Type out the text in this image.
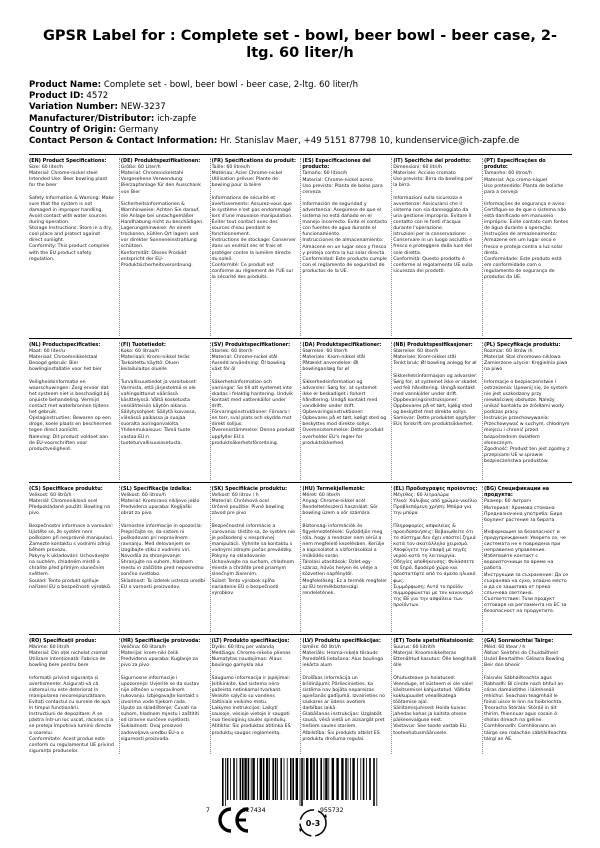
GPSR Label for : Complete set - bowl, beer bowl - beer case, 2-ltg. 60 liter/h
Product Name: Complete set - bowl, beer bowl - beer case, 2-ltg. 60 liter/h
Product ID: 4572
Variation Number: NEW-3237
Manufacturer/Distributor: ich-zapfe
Country of Origin: Germany
Contact Person & Contact Information: Hr. Stanislav Maer, +49 5151 87798 10, kundenservice@ich-zapfe.de
(EN) Product Specifications:
Size: 60 liter/h
Material: Chrome-nickel steel
Intended Use: Beer bowling plant for the beer

Safety Information & Warning: Make sure that the system is not damaged in improper handling. Avoid contact with water sources during operation.
Storage Instructions: Store in a dry, cool place and protect against direct sunlight.
Conformity: This product complies with the EU product safety regulation.
(DE) Produktspezifikationen:
Größe: 60 Liter/h
Material: Chromnickelstahl
Vorgesehene Verwendung: Bierzapfanlage für den Ausschank von Bier

Sicherheitsinformationen & Warnhinweise: Achten Sie darauf, die Anlage bei unsachgemäßer Handhabung nicht zu beschädigen.
Lagerungshinweise: An einem trockenen, kühlen Ort lagern und vor direkter Sonneneinstrahlung schützen.
Konformität: Dieses Produkt entspricht der EU-Produktsicherheitsverordnung.
(FR) Spécifications du produit:
Taille: 60 litres/h
Matériau: Acier Chrome-nickel
Utilisation prévue: Plante de bowling pour la bière

Informations de sécurité et avertissements: Assurez-vous que le système n'est pas endommagé lors d'une mauvaise manipulation. Éviter tout contact avec des sources d'eau pendant le fonctionnement.
Instructions de stockage: Conserver dans un endroit sec et frais et protéger contre la lumière directe du soleil.
Conformité: Ce produit est conforme au règlement de l'UE sur la sécurité des produits.
(ES) Especificaciones del producto:
Tamaño: 60 litros/h
Material: Chrome-nickel acero
Uso previsto: Planta de bolos para cerveza

Información de seguridad y advertencia: Asegúrese de que el sistema no está dañado en el manejo incorrecto. Evite el contacto con fuentes de agua durante el funcionamiento.
Instrucciones de almacenamiento: Almacene en un lugar seco y fresco y proteja contra la luz solar directa.
Conformidad: Este producto cumple con el reglamento de seguridad de productos de la UE.
(IT) Specifiche del prodotto:
Dimensioni: 60 litri/h
Materiale: Acciaio cromato
Uso previsto: Birra da bowling per la birra

Informazioni sulla sicurezza e avvertenze: Assicurarsi che il sistema non sia danneggiato da una gestione impropria. Evitare il contatto con le fonti d'acqua durante l'operazione.
Istruzioni per la conservazione: Conservare in un luogo asciutto e fresco e proteggere dalla luce del sole diretta.
Conformità: Questo prodotto è conforme al regolamento UE sulla sicurezza dei prodotti.
(PT) Especificações do produto:
Tamanho: 60 litros/h
Material: Aço cromo-níquel
Uso pretendido: Planta de boliche para a cerveja

Informações de segurança e aviso: Certifique-se de que o sistema não está danificado em manuseio impróprio. Evite contato com fontes de água durante a operação.
Instruções de armazenamento: Armazene em um lugar seco e fresco e proteja contra a luz solar direta.
Conformidade: Este produto está em conformidade com o regulamento de segurança de produtos da UE.
(NL) Productspecificaties:
Maat: 60 liter/u
Materiaal: Chroomnikkelstaal
Beoogd gebruik: Bier bowlinginstallatie voor het bier

Veiligheidsinformatie en waarschuwingen: Zorg ervoor dat het systeem niet is beschadigd bij onjuiste behandeling. Vermijd contact met waterbronnen tijdens het gebruik.
Opslaginstructies: Bewaren op een droge, koele plaats en beschermen tegen direct zonlicht.
Naleving: Dit product voldoet aan de EU-voorschriften voor productveiligheid.
(FI) Tuotetiedot:
Koko: 60 litraa/h
Materiaali: Kromi-nikkel teräs
Tarkoitettu käyttö: Oluen keilailulaitos oluelle

Turvallisuustiedot ja varoitukset: Varmista, että järjestelmä ei ole vahingoittunut väärässä käsittelyssä. Vältä kosketusta vesilähteisiin käytön aikana.
Säilytysohjeet: Säilytä kuivassa, viileässä paikassa ja suojaa suoralta auringonvalolta.
Yhdenmukaisuus: Tämä tuote vastaa EU:n tuoteturvallisuusasetusta.
(SV) Produktspecifikationer:
Storlek: 60 liter/h
Material: Chrome-nickel stål
Avsedd användning: Öl bowling växt för öl

Säkerhetsinformation och varningar: Se till att systemet inte skadas i felaktig hantering. Undvik kontakt med vattenkällor under drift.
Förvaringsinstruktioner: Förvara i en torr, sval plats och skydda mot direkt solljus.
Överensstämmelse: Denna produkt uppfyller EU:s produktsäkerhetsförordning.
(DA) Produktspecifikationer:
Størrelse: 60 liter/h
Materiale: Krom-nikkel stål
Påtænkt anvendelse: Øl bowlinganlæg for øl

Sikkerhedsinformation og advarsler: Sørg for, at systemet ikke er beskadiget i forkert håndtering. Undgå kontakt med vandkilder under drift.
Opbevaringsinstruktioner: Opbevares på et tørt, køligt sted og beskyttes mod direkte sollys.
Overensstemmelse: Dette produkt overholder EU's regler for produktsikkerhed.
(NB) Produktspesifikasjoner:
Størrelse: 60 liter/h
Materiale: Krom-nikkel stål
Tenkt bruk: Øl bowling anlegg for øl

Sikkerhetsinformasjon og advarsler: Sørg for, at systemet ikke er skadet ved feil håndtering. Unngå kontakt med vannkilder under drift.
Oppbevaringsinstruksjoner: Oppbevares på et tørt, kjølig sted og beskyttet mot direkte sollys.
Samsvar: Dette produktet oppfyller EUs forskrift om produktsikkerhet.
(PL) Specyfikacje produktu:
Rozmiar: 60 litrów /h
Materiał: Stal chromowo-niklowa
Zamierzone użycie: Kręgielnia piwa na piwo

Informacje o bezpieczeństwie i ostrzeżenia: Upewnij się, że system nie jest uszkodzony przy niewłaściwej obsłudze. Należy unikać kontaktu ze źródłami wody podczas pracy.
Instrukcje przechowywania: Przechowywać w suchym, chłodnym miejscu i chronić przed bezpośrednim światłem słonecznym.
Zgodność: Produkt ten jest zgodny z przepisami UE w sprawie bezpieczeństwa produktów.
(CS) Specifikace produktu:
Velikost: 60 litrů/h
Materiál: Chromeniklová ocel
Předpokládané použití: Bowling na pivo

Bezpečnostní informace a varování: Ujistěte se, že systém není poškozen při nesprávné manipulaci. Zamezte kontaktu s vodními zdroji během provozu.
Pokyny k ukladování: Uchovávejte na suchém, chladném místě a chraňte před přímým slunečním světlem.
Soulad: Tento produkt splňuje nařízení EU o bezpečnosti výrobků.
(SL) Specifikacije izdelka:
Velikost: 60 litrov/h
Material: Kromirano nikljevo jeklo
Predvidena uporaba: Kegljaški obrat za pivo

Varnostne informacije in opozorila: Prepričajte se, da sistem ni poškodovan pri nepravilnem ravnanju. Med delovanjem se izogibajte stiku z vodnimi viri.
Navodila za shranjevanje: Shranjujte na suhem, hladnem mestu in zaščitite pred neposredno sončno svetlobo.
Skladnost: Ta izdelek ustreza uredbi EU o varnosti proizvodov.
(SK) Špecifikácie produktu:
Veľkosť: 60 litrov / h
Materiál: Chrómová ocel
Určené použitie: Pivné bowling závod pre pivo

Bezpečnostné informácie a varovania: Uistite sa, že systém nie je poškodený v nesprávnej manipulácii. Vyhnite sa kontaktu s vodnými zdrojmi počas prevádzky.
Pokyny na skladovanie: Uchovávajte na suchom, chladnom mieste a chráňte pred priamym slnečným žiarením.
Súlad: Tento výrobok spĺňa nariadenie EÚ o bezpečnosti výrobkov.
(HU) Termékjellemzők:
Méret: 60 liter/h
Anyag: Chrome-nikkel acél
Rendeltetésszerű használat: Sör bowling üzem a sör számára

Biztonsági információk és figyelmeztetések: Győződjön meg róla, hogy a rendszer nem sérül a nem megfelelő kezelésben. Kerülje a kapcsolatot a vízforrásokkal a működés során.
Tárolási utasítások: Üzlet egy száraz, hűvös helyen és védje a közvetlen napfénytől.
Megfelelőség: Ez a termék megfelel az EU termékbiztonsági rendeletének.
(EL) Προδιαγραφές προϊόντος:
Μέγεθος: 60 λίτρα/ώρα
Υλικό: Χάλυβας από χρώμιο-νικέλιο
Προβλεπόμενη χρήση: Μπύρα για την μπύρα

Πληροφορίες ασφαλείας & προειδοποιήσεις: Βεβαιωθείτε ότι το σύστημα δεν έχει υποστεί ζημιά κατά τον ακατάλληλο χειρισμό. Αποφύγετε την επαφή με πηγές νερού κατά τη λειτουργία.
Οδηγίες αποθήκευσης: Φυλάσσετε σε ξηρό, δροσερό χώρο και προστατέψτε από το άμεσο ηλιακό φως.
Συμμόρφωση: Αυτό το προϊόν συμμορφώνεται με τον κανονισμό της ΕΕ για την ασφάλεια των προϊόντων.
(BG) Спецификации на продукта:
Размер: 60 литра/ч
Материал: Хромова стомана
Предназначена употреба: Бира боулинг растение за бирата

Информация за безопасност и предупреждения: Уверете се, че системата не е повредена при неправилно управление. Избягвайте контакт с водоизточници по време на работа.
Инструкции за съхранение: Да се съхранява на сухо, хладно място и да се защитава от пряка слънчева светлина.
Съответствие: Този продукт отговаря на регламента на ЕС за безопасност на продуктите.
(RO) Specificații produs:
Mărime: 60 litri/h
Material: Din oțel nichelat cromat
Utilizare intenționată: Fabrica de bowling bere pentru bere

Informații privind siguranța și avertismente: Asigurați-vă că sistemul nu este deteriorat în manipularea necorespunzătoare. Evitați contactul cu sursele de apă în timpul funcționării.
Instrucțiuni de depozitare: A se păstra într-un loc uscat, răcoros și a se proteja împotriva luminii directe a soarelui.
Conformitate: Acest produs este conform cu regulamentul UE privind siguranța produselor.
(HR) Specifikacije proizvoda:
Veličina: 60 litara/h
Materijal: krom-nikl čelik
Predviđena uporaba: Kuglanje za pivo za pivo

Sigurnosne informacije i upozorenja: Uvjerite se da sustav nije oštećen u nepravilnom rukovanju. Izbjegavajte kontakt s izvorima vode tijekom rada.
Upute za skladištenje: Čuvati na suhom, hladnom mjestu i zaštititi od izravne sunčeve svjetlosti.
Sukladnost: Ovaj proizvod zadovoljava uredbu EU-a o sigurnosti proizvoda.
(LT) Produkto specifikacijos:
Dydis: 60 litrų per valandą
Medžiaga: Chromo-nikelio plienas
Numatytas naudojimas: Alaus boulingo gamykla alui

Saugumo informacija ir įspėjimai: Įsitikinkite, kad sistema nėra pažeista netinkamai tvarkant. Venkite sąlyčio su vandens šaltiniais veikimo metu.
Laikymo instrukcijos: Laikyti sausoje, vėsioje vietoje ir saugoti nuo tiesioginių saulės spindulių.
Atitiktis: Šis produktas atitinka ES produktų saugos reglamentą.
(LV) Produktu specifikācijas:
Izmērs: 60 litri/h
Materiāls: Hroma-niķeļa tērauds
Paredzētā lietošana: Alus boulinga iekārta alum

Drošības informācija un brīdinājumi: Pārliecinieties, ka sistēma nav bojāta nepareizas apiešanās gadījumā. Izvairieties no saskares ar ūdens avotiem darbības laikā.
Glabāšanas instrukcijas: Uzglabāt sausā, vēsā vietā un aizsargāt pret tiešiem saules stariem.
Atbilstība: Šis produkts atbilst ES produktu drošuma regulai.
(ET) Toote spetsifikatsioonid:
Suurus: 60 liitrit/h
Materjal: Kroomnikkelteras
Ettenähtud kasutus: Õlle keeglihalli õlle

Ohutusteave ja hoiatused: Veenduge, et süsteem ei ole valel käsitsemisel kahjustatud. Vältida kokkupuudet veeallikatega töötamise ajal.
Säilitamisjuhised: Hoida kuivas jahedas kohas ja kaitsta otsese päikesevalguse eest.
Vastavus: See toode vastab ELi tooteohutusmäärusele.
(GA) Sonraíochtaí Táirge:
Méid: 60 lítear / h
Ábhar: Seirbhís do Chuidaitheirí
Úsáid Beartaithe: Gléasra Bowling Beir don bheoir

Faisnéis Sábháilteachta agus Rabhadh: Bí cinnte nach bhfuil an córas damáistithe i láimhseáil mhíchuí. Seachain teagmháil le foinsí uisce le linn na hoibríochta.
Treoracha Stórála: Stóráil in áit thirim, fhionnuar agus cosain ó sholas díreach na gréine.
Comhlíonadh: Comhlíonann an táirge seo rialachán sábháilteachta táirgí an AE.
7	627434	955732
0-3
